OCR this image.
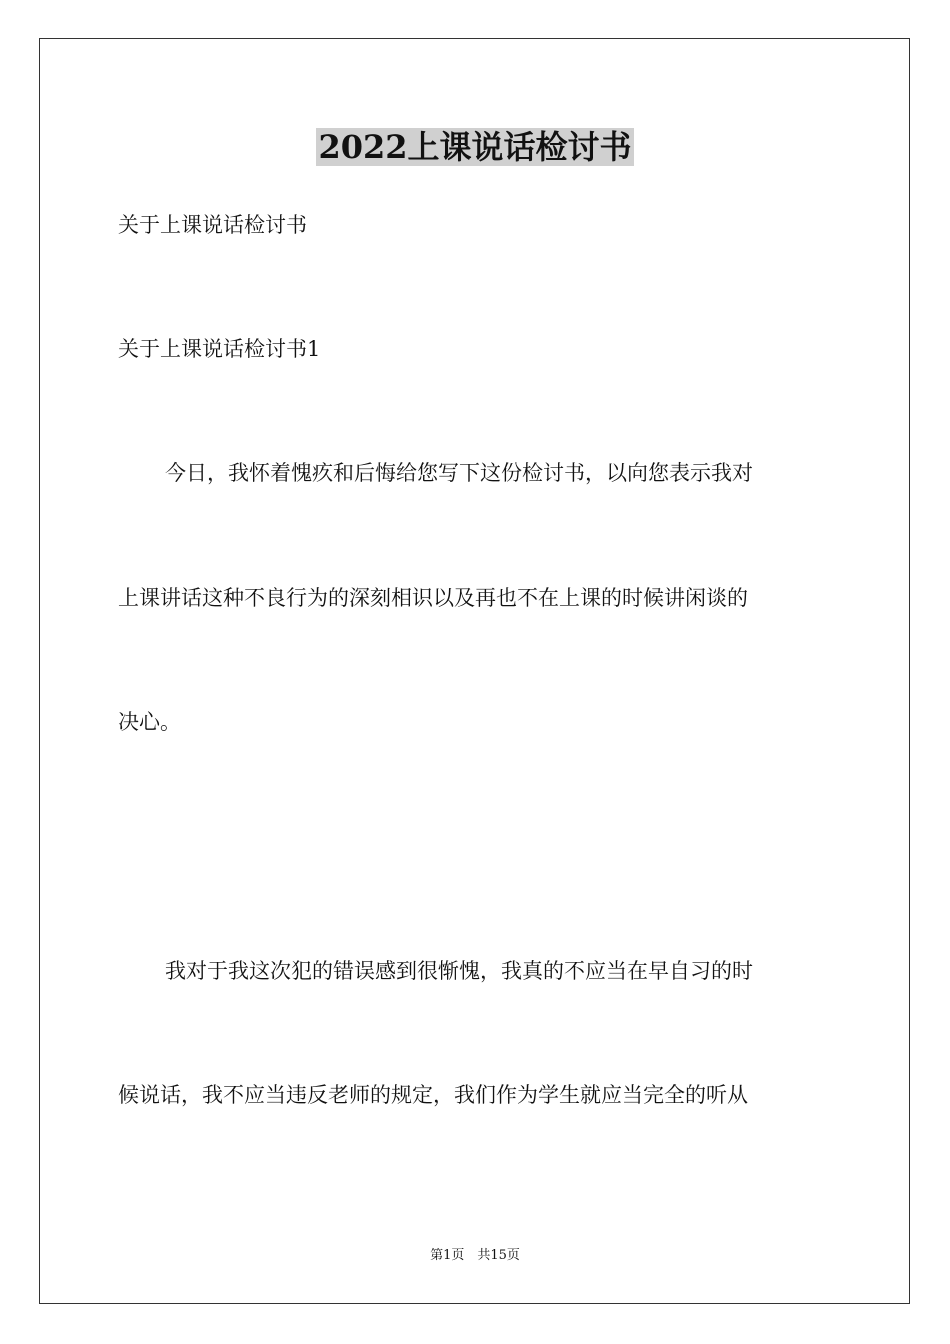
2022上课说话检讨书
关于上课说话检讨书
关于上课说话检讨书1
今日，我怀着愧疚和后悔给您写下这份检讨书，以向您表示我对
上课讲话这种不良行为的深刻相识以及再也不在上课的时候讲闲谈的
决心。
我对于我这次犯的错误感到很惭愧，我真的不应当在早自习的时
候说话，我不应当违反老师的规定，我们作为学生就应当完全的听从
第1页　共15页
